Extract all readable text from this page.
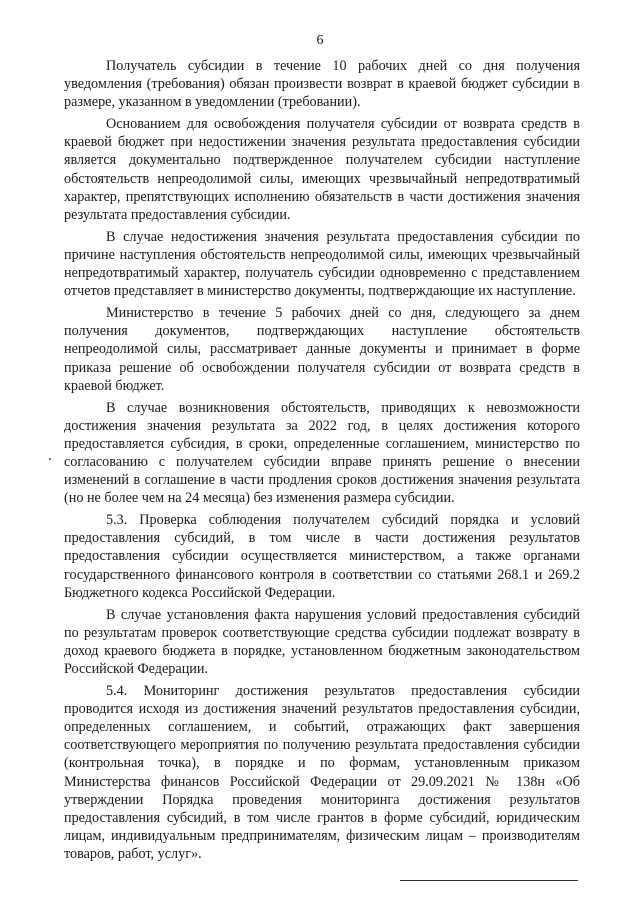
6

Получатель субсидии в течение 10 рабочих дней со дня получения уведомления (требования) обязан произвести возврат в краевой бюджет субсидии в размере, указанном в уведомлении (требовании).

Основанием для освобождения получателя субсидии от возврата средств в краевой бюджет при недостижении значения результата предоставления субсидии является документально подтвержденное получателем субсидии наступление обстоятельств непреодолимой силы, имеющих чрезвычайный непредотвратимый характер, препятствующих исполнению обязательств в части достижения значения результата предоставления субсидии.

В случае недостижения значения результата предоставления субсидии по причине наступления обстоятельств непреодолимой силы, имеющих чрезвычайный непредотвратимый характер, получатель субсидии одновременно с представлением отчетов представляет в министерство документы, подтверждающие их наступление.

Министерство в течение 5 рабочих дней со дня, следующего за днем получения документов, подтверждающих наступление обстоятельств непреодолимой силы, рассматривает данные документы и принимает в форме приказа решение об освобождении получателя субсидии от возврата средств в краевой бюджет.

В случае возникновения обстоятельств, приводящих к невозможности достижения значения результата за 2022 год, в целях достижения которого предоставляется субсидия, в сроки, определенные соглашением, министерство по согласованию с получателем субсидии вправе принять решение о внесении изменений в соглашение в части продления сроков достижения значения результата (но не более чем на 24 месяца) без изменения размера субсидии.

5.3. Проверка соблюдения получателем субсидий порядка и условий предоставления субсидий, в том числе в части достижения результатов предоставления субсидии осуществляется министерством, а также органами государственного финансового контроля в соответствии со статьями 268.1 и 269.2 Бюджетного кодекса Российской Федерации.

В случае установления факта нарушения условий предоставления субсидий по результатам проверок соответствующие средства субсидии подлежат возврату в доход краевого бюджета в порядке, установленном бюджетным законодательством Российской Федерации.

5.4. Мониторинг достижения результатов предоставления субсидии проводится исходя из достижения значений результатов предоставления субсидии, определенных соглашением, и событий, отражающих факт завершения соответствующего мероприятия по получению результата предоставления субсидии (контрольная точка), в порядке и по формам, установленным приказом Министерства финансов Российской Федерации от 29.09.2021 № 138н «Об утверждении Порядка проведения мониторинга достижения результатов предоставления субсидий, в том числе грантов в форме субсидий, юридическим лицам, индивидуальным предпринимателям, физическим лицам – производителям товаров, работ, услуг».
